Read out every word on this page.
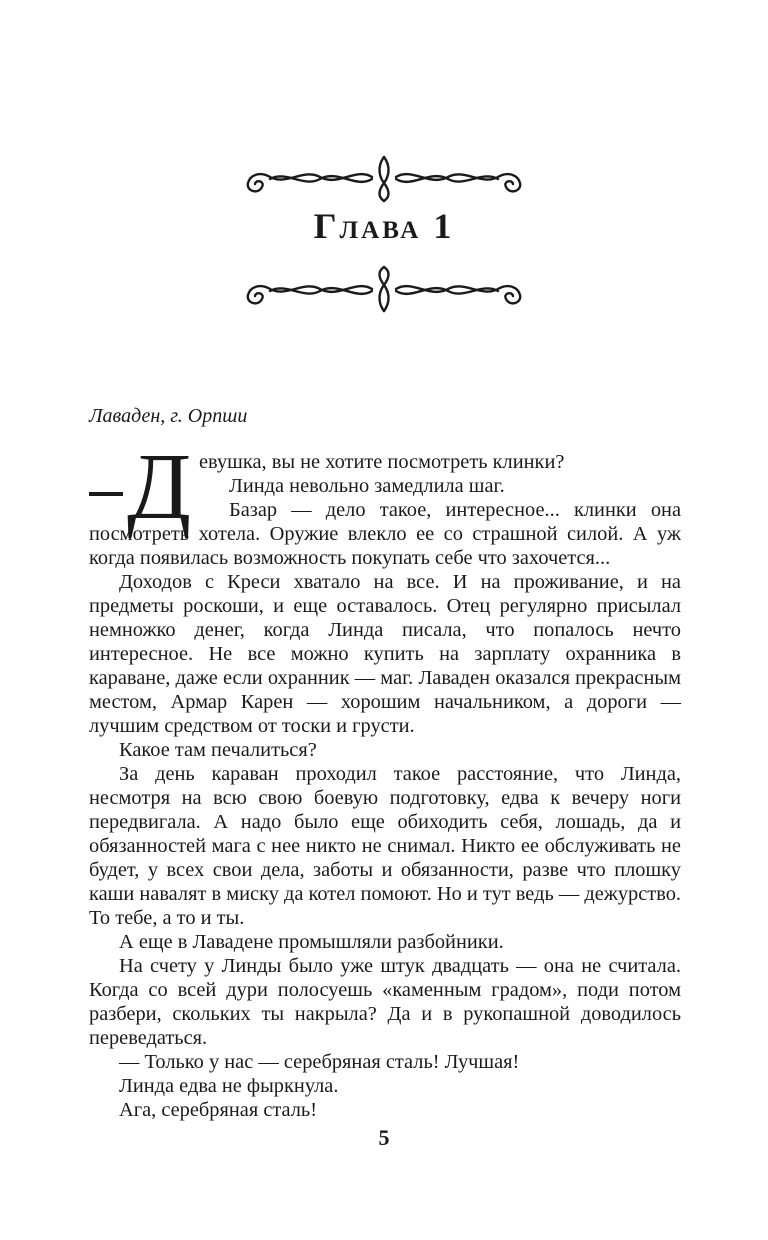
Глава 1
Лаваден, г. Орпши
Д евушка, вы не хотите посмотреть клинки?

Линда невольно замедлила шаг.

Базар — дело такое, интересное... клинки она посмотреть хотела. Оружие влекло ее со страшной силой. А уж когда появилась возможность покупать себе что захочется...

Доходов с Креси хватало на все. И на проживание, и на предметы роскоши, и еще оставалось. Отец регулярно присылал немножко денег, когда Линда писала, что попалось нечто интересное. Не все можно купить на зарплату охранника в караване, даже если охранник — маг. Лаваден оказался прекрасным местом, Армар Карен — хорошим начальником, а дороги — лучшим средством от тоски и грусти.

Какое там печалиться?

За день караван проходил такое расстояние, что Линда, несмотря на всю свою боевую подготовку, едва к вечеру ноги передвигала. А надо было еще обиходить себя, лошадь, да и обязанностей мага с нее никто не снимал. Никто ее обслуживать не будет, у всех свои дела, заботы и обязанности, разве что плошку каши навалят в миску да котел помоют. Но и тут ведь — дежурство. То тебе, а то и ты.

А еще в Лавадене промышляли разбойники.

На счету у Линды было уже штук двадцать — она не считала. Когда со всей дури полосуешь «каменным градом», поди потом разбери, скольких ты накрыла? Да и в рукопашной доводилось переведаться.

— Только у нас — серебряная сталь! Лучшая!

Линда едва не фыркнула.

Ага, серебряная сталь!

5
